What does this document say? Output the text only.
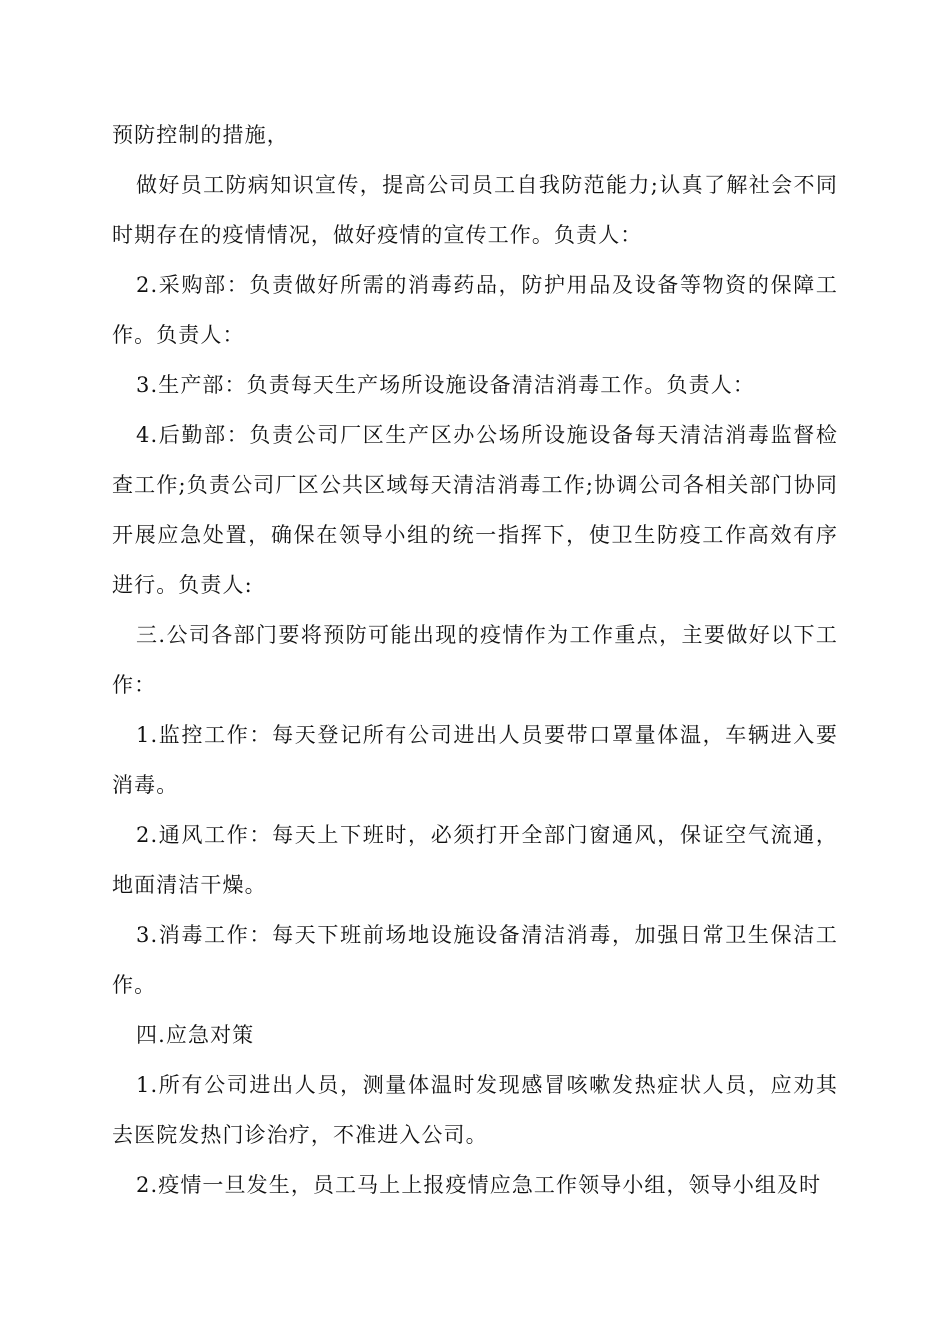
预防控制的措施，

做好员工防病知识宣传，提高公司员工自我防范能力;认真了解社会不同时期存在的疫情情况，做好疫情的宣传工作。负责人：

2.采购部：负责做好所需的消毒药品，防护用品及设备等物资的保障工作。负责人：

3.生产部：负责每天生产场所设施设备清洁消毒工作。负责人：

4.后勤部：负责公司厂区生产区办公场所设施设备每天清洁消毒监督检查工作;负责公司厂区公共区域每天清洁消毒工作;协调公司各相关部门协同开展应急处置，确保在领导小组的统一指挥下，使卫生防疫工作高效有序进行。负责人:

三.公司各部门要将预防可能出现的疫情作为工作重点，主要做好以下工作：

1.监控工作：每天登记所有公司进出人员要带口罩量体温，车辆进入要消毒。

2.通风工作：每天上下班时，必须打开全部门窗通风，保证空气流通，地面清洁干燥。

3.消毒工作：每天下班前场地设施设备清洁消毒，加强日常卫生保洁工作。

四.应急对策

1.所有公司进出人员，测量体温时发现感冒咳嗽发热症状人员，应劝其去医院发热门诊治疗，不准进入公司。

2.疫情一旦发生，员工马上上报疫情应急工作领导小组，领导小组及时
